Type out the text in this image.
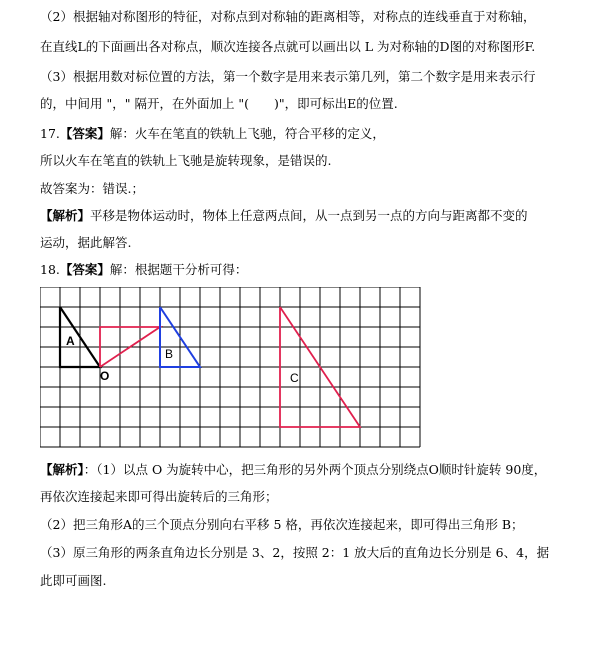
（2）根据轴对称图形的特征，对称点到对称轴的距离相等，对称点的连线垂直于对称轴，
在直线L的下面画出各对称点，顺次连接各点就可以画出以 L 为对称轴的D图的对称图形F.
（3）根据用数对标位置的方法，第一个数字是用来表示第几列，第二个数字是用来表示行
的，中间用 "，" 隔开，在外面加上 "(　　)"，即可标出E的位置.
17.【答案】解：火车在笔直的铁轨上飞驰，符合平移的定义，
所以火车在笔直的铁轨上飞驰是旋转现象，是错误的.
故答案为：错误.；
【解析】平移是物体运动时，物体上任意两点间，从一点到另一点的方向与距离都不变的
运动，据此解答.
18.【答案】解：根据题干分析可得：
A
O
B
C
【解析】：（1）以点 O 为旋转中心，把三角形的另外两个顶点分别绕点O顺时针旋转 90度，
再依次连接起来即可得出旋转后的三角形；
（2）把三角形A的三个顶点分别向右平移 5 格，再依次连接起来，即可得出三角形 B；
（3）原三角形的两条直角边长分别是 3、2，按照 2：1 放大后的直角边长分别是 6、4，据
此即可画图.
